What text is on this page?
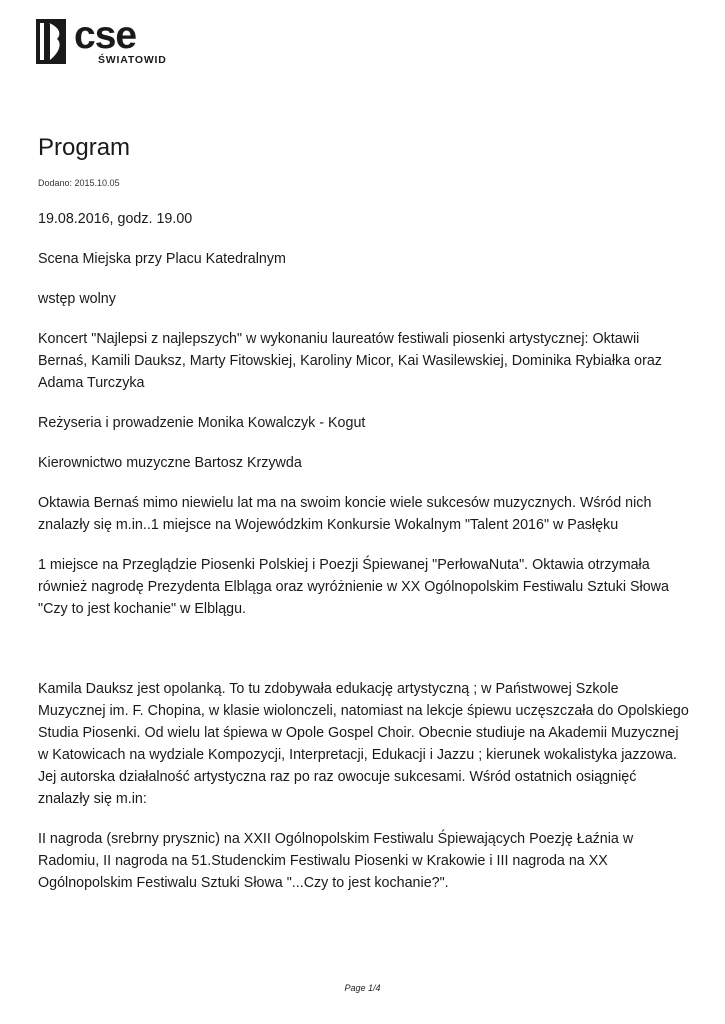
cse
ŚWIATOWID
Program
Dodano: 2015.10.05

19.08.2016, godz. 19.00

Scena Miejska przy Placu Katedralnym

wstęp wolny

Koncert "Najlepsi z najlepszych" w wykonaniu laureatów festiwali piosenki artystycznej: Oktawii Bernaś, Kamili Dauksz, Marty Fitowskiej, Karoliny Micor, Kai Wasilewskiej, Dominika Rybiałka oraz Adama Turczyka

Reżyseria i prowadzenie Monika Kowalczyk - Kogut

Kierownictwo muzyczne Bartosz Krzywda

Oktawia Bernaś mimo niewielu lat ma na swoim koncie wiele sukcesów muzycznych. Wśród nich znalazły się m.in..1 miejsce na Wojewódzkim Konkursie Wokalnym "Talent 2016" w Pasłęku

1 miejsce na Przeglądzie Piosenki Polskiej i Poezji Śpiewanej "PerłowaNuta". Oktawia otrzymała również nagrodę Prezydenta Elbląga oraz wyróżnienie w XX Ogólnopolskim Festiwalu Sztuki Słowa "Czy to jest kochanie" w Elblągu.

Kamila Dauksz jest opolanką. To tu zdobywała edukację artystyczną ; w Państwowej Szkole Muzycznej im. F. Chopina, w klasie wiolonczeli, natomiast na lekcje śpiewu uczęszczała do Opolskiego Studia Piosenki. Od wielu lat śpiewa w Opole Gospel Choir. Obecnie studiuje na Akademii Muzycznej w Katowicach na wydziale Kompozycji, Interpretacji, Edukacji i Jazzu ; kierunek wokalistyka jazzowa. Jej autorska działalność artystyczna raz po raz owocuje sukcesami. Wśród ostatnich osiągnięć znalazły się m.in:

II nagroda (srebrny prysznic) na XXII Ogólnopolskim Festiwalu Śpiewających Poezję Łaźnia w Radomiu, II nagroda na 51.Studenckim Festiwalu Piosenki w Krakowie i III nagroda na XX Ogólnopolskim Festiwalu Sztuki Słowa "...Czy to jest kochanie?".

Page 1/4
